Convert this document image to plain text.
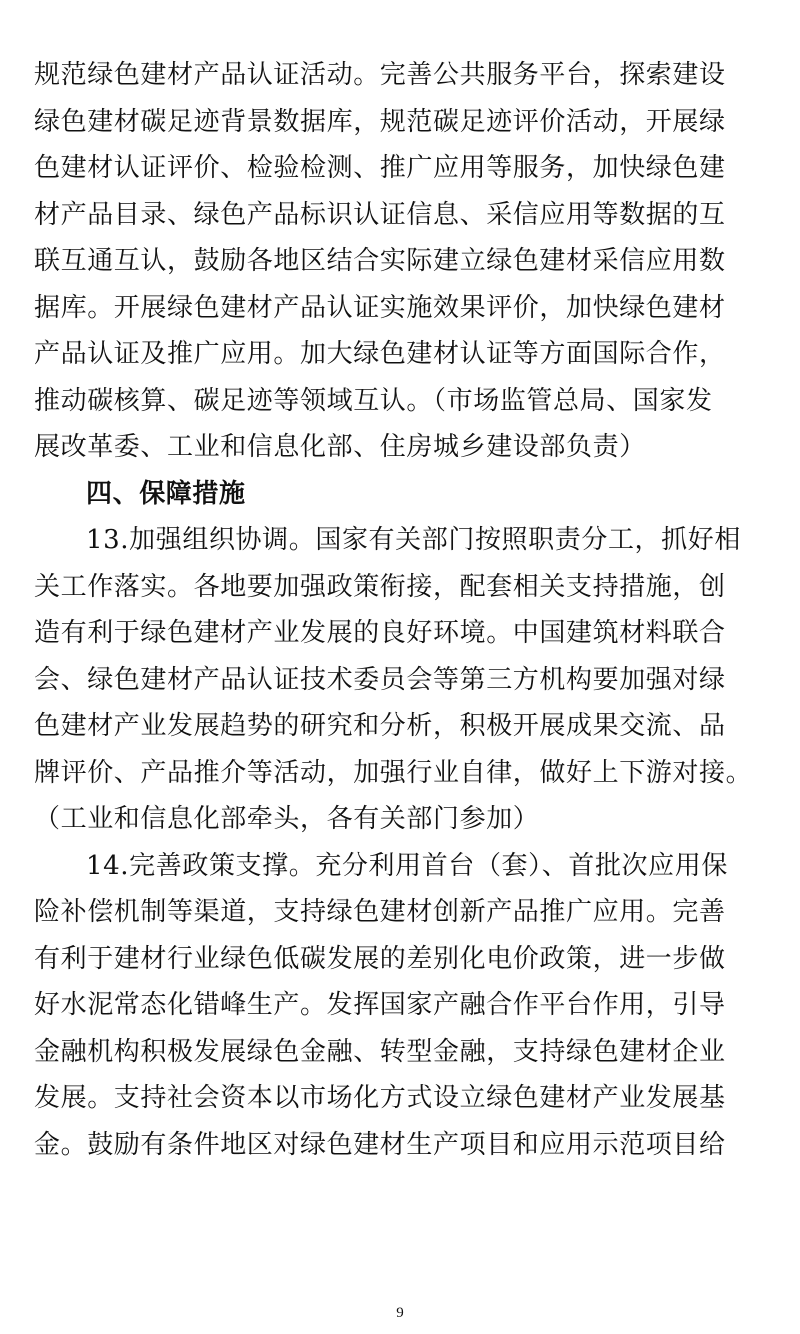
规范绿色建材产品认证活动。完善公共服务平台，探索建设
绿色建材碳足迹背景数据库，规范碳足迹评价活动，开展绿
色建材认证评价、检验检测、推广应用等服务，加快绿色建
材产品目录、绿色产品标识认证信息、采信应用等数据的互
联互通互认，鼓励各地区结合实际建立绿色建材采信应用数
据库。开展绿色建材产品认证实施效果评价，加快绿色建材
产品认证及推广应用。加大绿色建材认证等方面国际合作，
推动碳核算、碳足迹等领域互认。（市场监管总局、国家发
展改革委、工业和信息化部、住房城乡建设部负责）
四、保障措施
13.加强组织协调。国家有关部门按照职责分工，抓好相
关工作落实。各地要加强政策衔接，配套相关支持措施，创
造有利于绿色建材产业发展的良好环境。中国建筑材料联合
会、绿色建材产品认证技术委员会等第三方机构要加强对绿
色建材产业发展趋势的研究和分析，积极开展成果交流、品
牌评价、产品推介等活动，加强行业自律，做好上下游对接。
（工业和信息化部牵头，各有关部门参加）
14.完善政策支撑。充分利用首台（套）、首批次应用保
险补偿机制等渠道，支持绿色建材创新产品推广应用。完善
有利于建材行业绿色低碳发展的差别化电价政策，进一步做
好水泥常态化错峰生产。发挥国家产融合作平台作用，引导
金融机构积极发展绿色金融、转型金融，支持绿色建材企业
发展。支持社会资本以市场化方式设立绿色建材产业发展基
金。鼓励有条件地区对绿色建材生产项目和应用示范项目给
9
